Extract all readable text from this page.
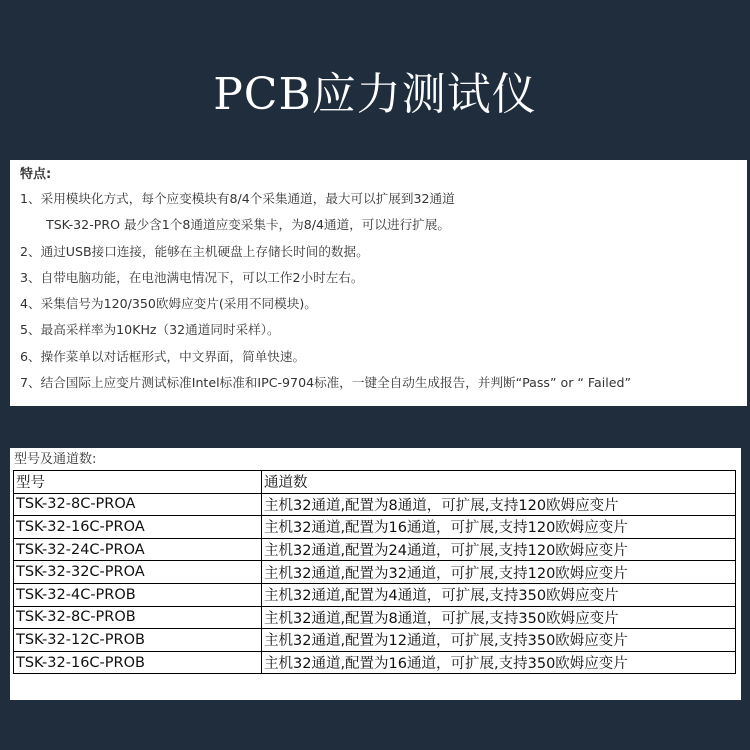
PCB应力测试仪
特点:
1、采用模块化方式，每个应变模块有8/4个采集通道，最大可以扩展到32通道
TSK-32-PRO 最少含1个8通道应变采集卡，为8/4通道，可以进行扩展。
2、通过USB接口连接，能够在主机硬盘上存储长时间的数据。
3、自带电脑功能，在电池满电情况下，可以工作2小时左右。
4、采集信号为120/350欧姆应变片(采用不同模块)。
5、最高采样率为10KHz（32通道同时采样）。
6、操作菜单以对话框形式，中文界面，简单快速。
7、结合国际上应变片测试标准Intel标准和IPC-9704标准，一键全自动生成报告，并判断“Pass” or “ Failed”
型号及通道数:
型号	通道数
TSK-32-8C-PROA	主机32通道,配置为8通道，可扩展,支持120欧姆应变片
TSK-32-16C-PROA	主机32通道,配置为16通道，可扩展,支持120欧姆应变片
TSK-32-24C-PROA	主机32通道,配置为24通道，可扩展,支持120欧姆应变片
TSK-32-32C-PROA	主机32通道,配置为32通道，可扩展,支持120欧姆应变片
TSK-32-4C-PROB	主机32通道,配置为4通道，可扩展,支持350欧姆应变片
TSK-32-8C-PROB	主机32通道,配置为8通道，可扩展,支持350欧姆应变片
TSK-32-12C-PROB	主机32通道,配置为12通道，可扩展,支持350欧姆应变片
TSK-32-16C-PROB	主机32通道,配置为16通道，可扩展,支持350欧姆应变片
